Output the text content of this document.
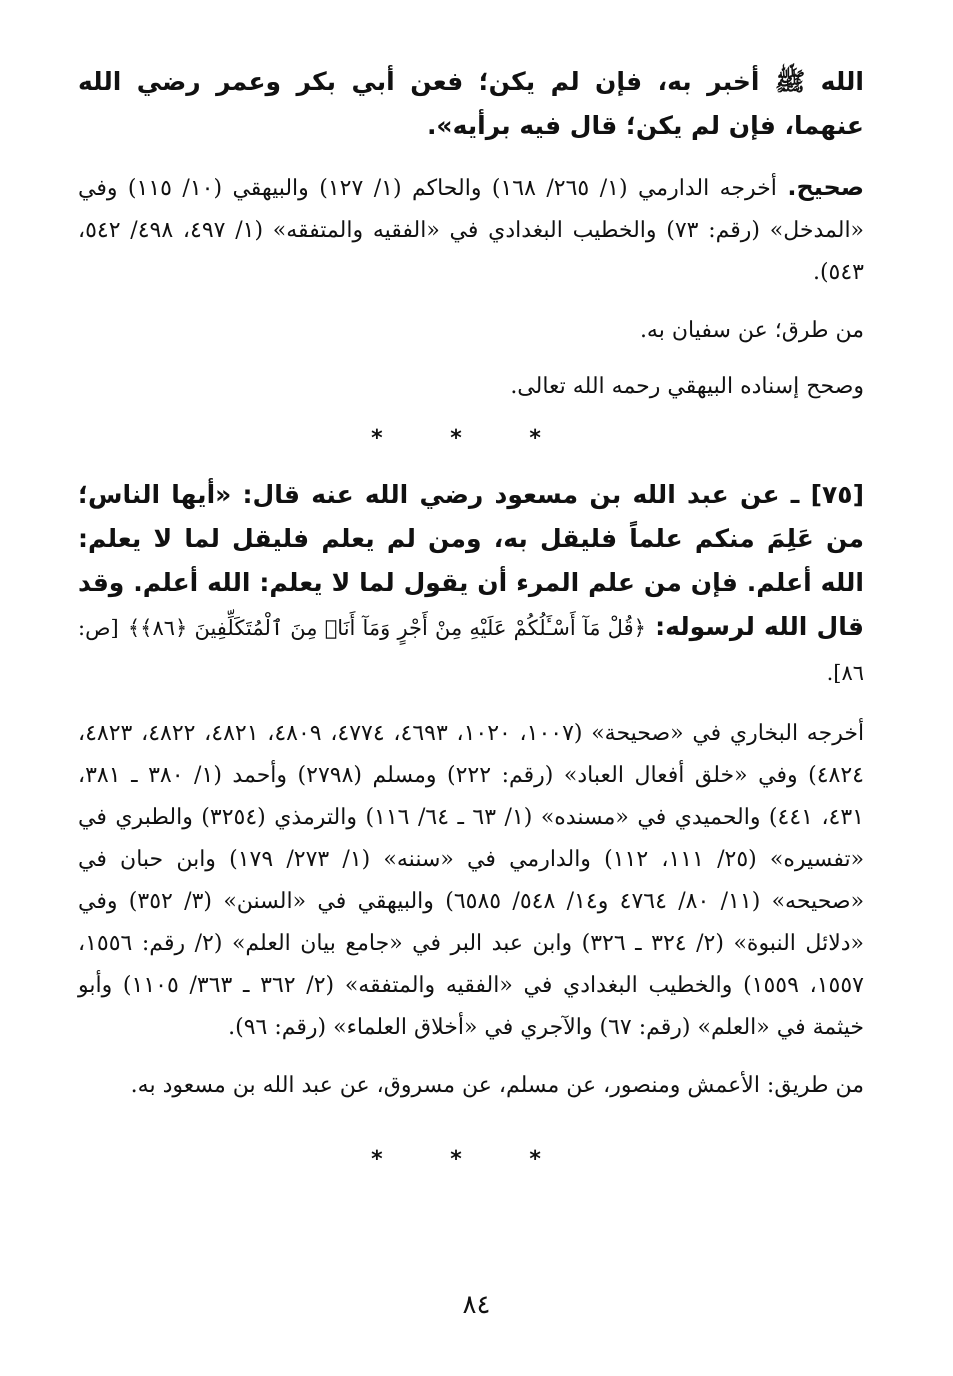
الله ﷺ أخبر به، فإن لم يكن؛ فعن أبي بكر وعمر رضي الله عنهما، فإن لم يكن؛ قال فيه برأيه».

صحيح. أخرجه الدارمي (١/ ٢٦٥/ ١٦٨) والحاكم (١/ ١٢٧) والبيهقي (١٠/ ١١٥) وفي «المدخل» (رقم: ٧٣) والخطيب البغدادي في «الفقيه والمتفقه» (١/ ٤٩٧، ٤٩٨/ ٥٤٢، ٥٤٣).

من طرق؛ عن سفيان به.

وصحح إسناده البيهقي رحمه الله تعالى.

* * *

[٧٥] ـ عن عبد الله بن مسعود رضي الله عنه قال: «أيها الناس؛ من عَلِمَ منكم علماً فليقل به، ومن لم يعلم فليقل لما لا يعلم: الله أعلم. فإن من علم المرء أن يقول لما لا يعلم: الله أعلم. وقد قال الله لرسوله: ﴿قُلْ مَآ أَسْـَٔلُكُمْ عَلَيْهِ مِنْ أَجْرٍ وَمَآ أَنَا۠ مِنَ ٱلْمُتَكَلِّفِينَ ﴿٨٦﴾﴾ [ص: ٨٦].

أخرجه البخاري في «صحيحة» (١٠٠٧، ١٠٢٠، ٤٦٩٣، ٤٧٧٤، ٤٨٠٩، ٤٨٢١، ٤٨٢٢، ٤٨٢٣، ٤٨٢٤) وفي «خلق أفعال العباد» (رقم: ٢٢٢) ومسلم (٢٧٩٨) وأحمد (١/ ٣٨٠ ـ ٣٨١، ٤٣١، ٤٤١) والحميدي في «مسنده» (١/ ٦٣ ـ ٦٤/ ١١٦) والترمذي (٣٢٥٤) والطبري في «تفسيره» (٢٥/ ١١١، ١١٢) والدارمي في «سننه» (١/ ٢٧٣/ ١٧٩) وابن حبان في «صحيحه» (١١/ ٨٠/ ٤٧٦٤ و١٤/ ٥٤٨/ ٦٥٨٥) والبيهقي في «السنن» (٣/ ٣٥٢) وفي «دلائل النبوة» (٢/ ٣٢٤ ـ ٣٢٦) وابن عبد البر في «جامع بيان العلم» (٢/ رقم: ١٥٥٦، ١٥٥٧، ١٥٥٩) والخطيب البغدادي في «الفقيه والمتفقه» (٢/ ٣٦٢ ـ ٣٦٣/ ١١٠٥) وأبو خيثمة في «العلم» (رقم: ٦٧) والآجري في «أخلاق العلماء» (رقم: ٩٦).

من طريق: الأعمش ومنصور، عن مسلم، عن مسروق، عن عبد الله بن مسعود به.

* * *
٨٤
